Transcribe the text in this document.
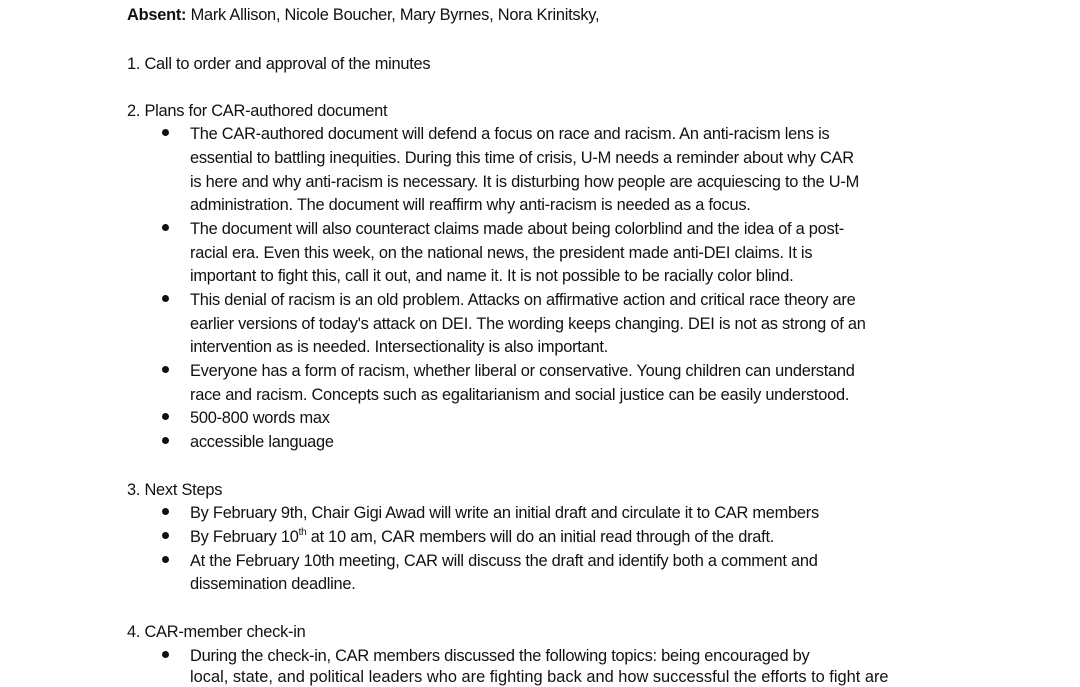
Absent: Mark Allison, Nicole Boucher, Mary Byrnes, Nora Krinitsky,
1. Call to order and approval of the minutes
2. Plans for CAR-authored document
The CAR-authored document will defend a focus on race and racism. An anti-racism lens is
essential to battling inequities. During this time of crisis, U-M needs a reminder about why CAR
is here and why anti-racism is necessary. It is disturbing how people are acquiescing to the U-M
administration. The document will reaffirm why anti-racism is needed as a focus.
The document will also counteract claims made about being colorblind and the idea of a post-
racial era. Even this week, on the national news, the president made anti-DEI claims. It is
important to fight this, call it out, and name it. It is not possible to be racially color blind.
This denial of racism is an old problem. Attacks on affirmative action and critical race theory are
earlier versions of today's attack on DEI. The wording keeps changing. DEI is not as strong of an
intervention as is needed. Intersectionality is also important.
Everyone has a form of racism, whether liberal or conservative. Young children can understand
race and racism. Concepts such as egalitarianism and social justice can be easily understood.
500-800 words max
accessible language
3. Next Steps
By February 9th, Chair Gigi Awad will write an initial draft and circulate it to CAR members
By February 10th at 10 am, CAR members will do an initial read through of the draft.
At the February 10th meeting, CAR will discuss the draft and identify both a comment and
dissemination deadline.
4. CAR-member check-in
During the check-in, CAR members discussed the following topics: being encouraged by
local, state, and political leaders who are fighting back and how successful the efforts to fight are
